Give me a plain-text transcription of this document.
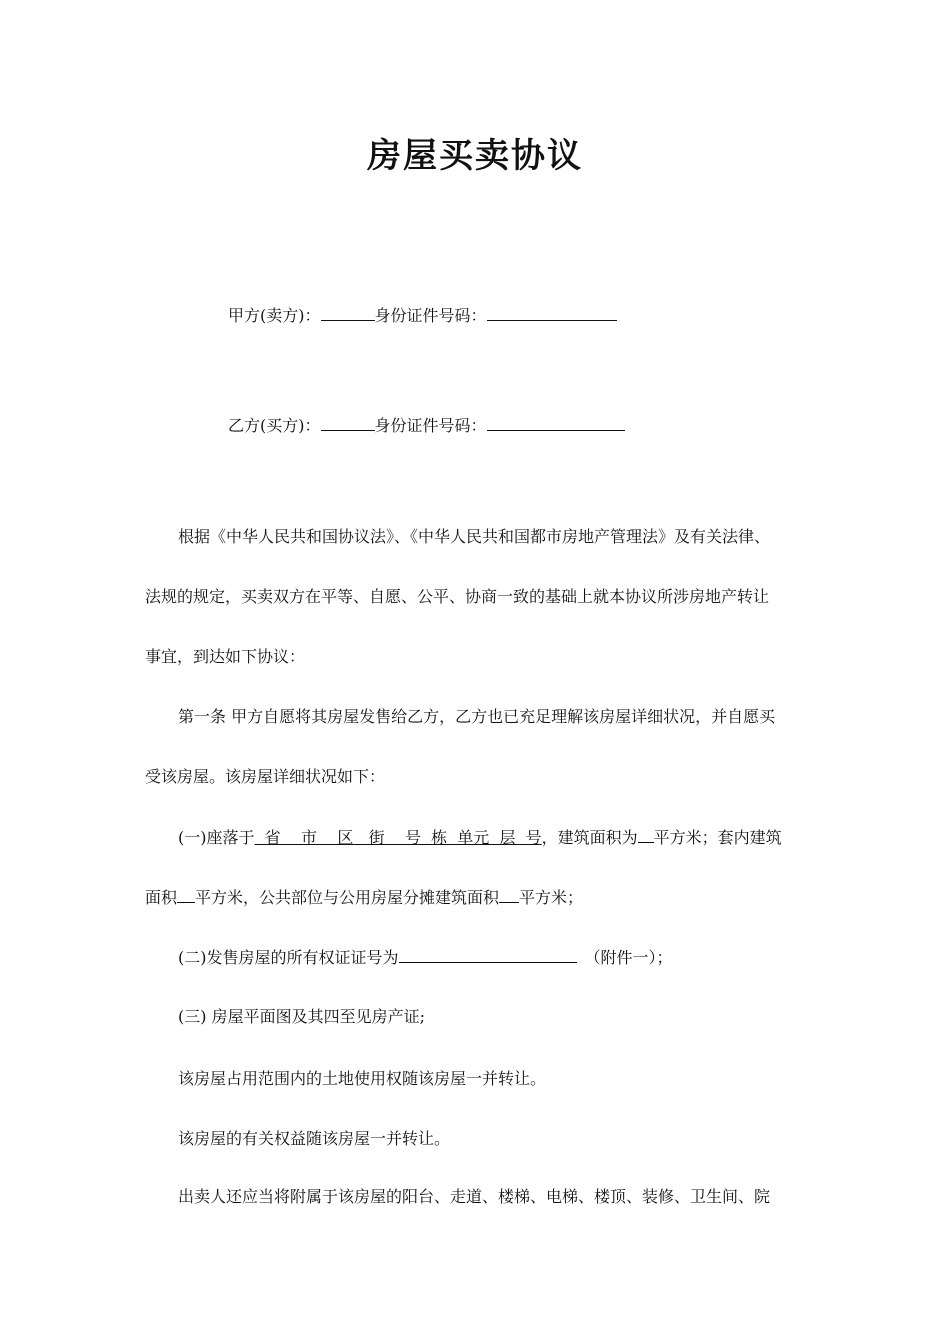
房屋买卖协议
甲方(卖方)：	身份证件号码：
乙方(买方)：	身份证件号码：
根据《中华人民共和国协议法》、《中华人民共和国都市房地产管理法》及有关法律、
法规的规定，买卖双方在平等、自愿、公平、协商一致的基础上就本协议所涉房地产转让
事宜，到达如下协议：
第一条 甲方自愿将其房屋发售给乙方，乙方也已充足理解该房屋详细状况，并自愿买
受该房屋。该房屋详细状况如下：
(一)座落于  省    市    区   街    号  栋  单元  层  号，建筑面积为 平方米；套内建筑
面积 平方米，公共部位与公用房屋分摊建筑面积 平方米；
(二)发售房屋的所有权证证号为	（附件一）；
(三) 房屋平面图及其四至见房产证;
该房屋占用范围内的土地使用权随该房屋一并转让。
该房屋的有关权益随该房屋一并转让。
出卖人还应当将附属于该房屋的阳台、走道、楼梯、电梯、楼顶、装修、卫生间、院
